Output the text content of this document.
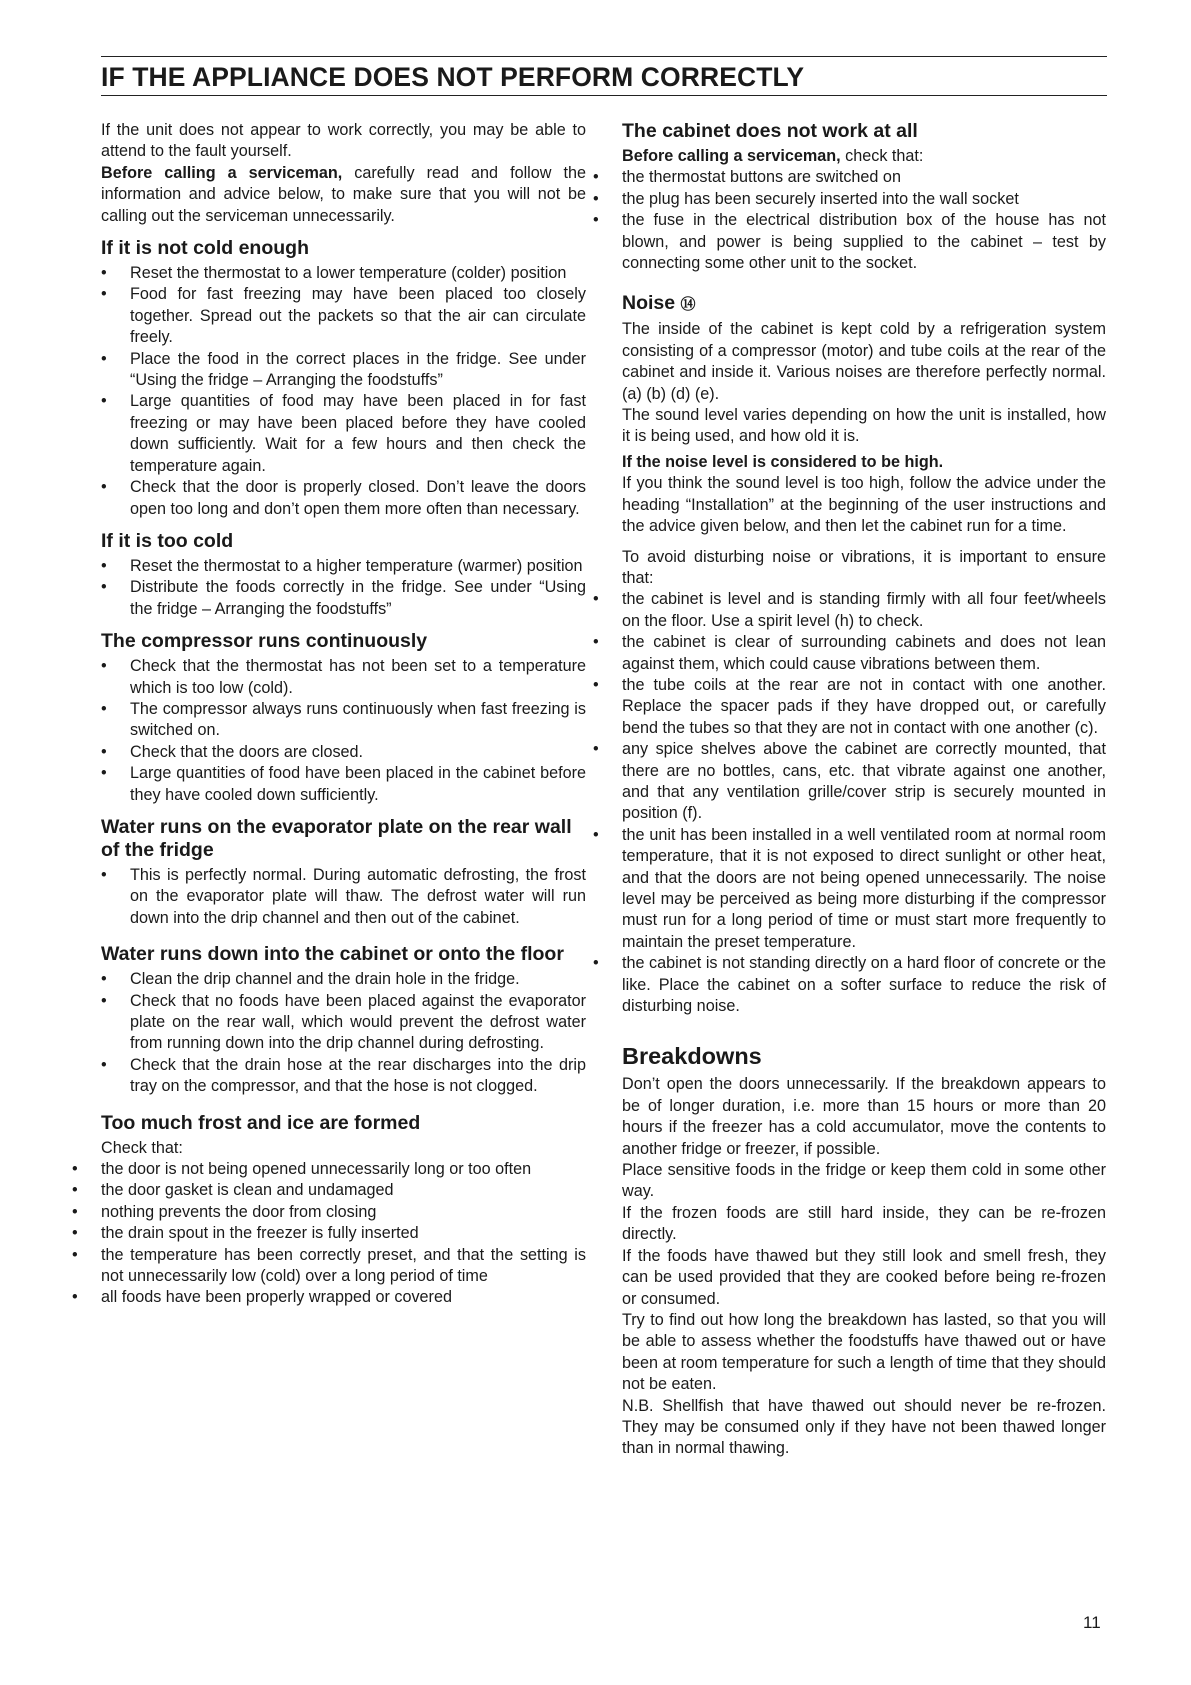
IF THE APPLIANCE DOES NOT PERFORM CORRECTLY

If the unit does not appear to work correctly, you may be able to attend to the fault yourself.

Before calling a serviceman, carefully read and follow the information and advice below, to make sure that you will not be calling out the serviceman unnecessarily.

If it is not cold enough
• Reset the thermostat to a lower temperature (colder) position
• Food for fast freezing may have been placed too closely together. Spread out the packets so that the air can circulate freely.
• Place the food in the correct places in the fridge. See under “Using the fridge – Arranging the foodstuffs”
• Large quantities of food may have been placed in for fast freezing or may have been placed before they have cooled down sufficiently. Wait for a few hours and then check the temperature again.
• Check that the door is properly closed. Don’t leave the doors open too long and don’t open them more often than necessary.
If it is too cold
• Reset the thermostat to a higher temperature (warmer) position
• Distribute the foods correctly in the fridge. See under “Using the fridge – Arranging the foodstuffs”
The compressor runs continuously
• Check that the thermostat has not been set to a temperature which is too low (cold).
• The compressor always runs continuously when fast freezing is switched on.
• Check that the doors are closed.
• Large quantities of food have been placed in the cabinet before they have cooled down sufficiently.
Water runs on the evaporator plate on the rear wall of the fridge
• This is perfectly normal. During automatic defrosting, the frost on the evaporator plate will thaw. The defrost water will run down into the drip channel and then out of the cabinet.
Water runs down into the cabinet or onto the floor
• Clean the drip channel and the drain hole in the fridge.
• Check that no foods have been placed against the evaporator plate on the rear wall, which would prevent the defrost water from running down into the drip channel during defrosting.
• Check that the drain hose at the rear discharges into the drip tray on the compressor, and that the hose is not clogged.
Too much frost and ice are formed

Check that:

• the door is not being opened unnecessarily long or too often
• the door gasket is clean and undamaged
• nothing prevents the door from closing
• the drain spout in the freezer is fully inserted
• the temperature has been correctly preset, and that the setting is not unnecessarily low (cold) over a long period of time
• all foods have been properly wrapped or covered
The cabinet does not work at all

Before calling a serviceman, check that:

• the thermostat buttons are switched on
• the plug has been securely inserted into the wall socket
• the fuse in the electrical distribution box of the house has not blown, and power is being supplied to the cabinet – test by connecting some other unit to the socket.
Noise ⑭

The inside of the cabinet is kept cold by a refrigeration system consisting of a compressor (motor) and tube coils at the rear of the cabinet and inside it. Various noises are therefore perfectly normal. (a) (b) (d) (e).

The sound level varies depending on how the unit is installed, how it is being used, and how old it is.

If the noise level is considered to be high.

If you think the sound level is too high, follow the advice under the heading “Installation” at the beginning of the user instructions and the advice given below, and then let the cabinet run for a time.

To avoid disturbing noise or vibrations, it is important to ensure that:

• the cabinet is level and is standing firmly with all four feet/wheels on the floor. Use a spirit level (h) to check.
• the cabinet is clear of surrounding cabinets and does not lean against them, which could cause vibrations between them.
• the tube coils at the rear are not in contact with one another. Replace the spacer pads if they have dropped out, or carefully bend the tubes so that they are not in contact with one another (c).
• any spice shelves above the cabinet are correctly mounted, that there are no bottles, cans, etc. that vibrate against one another, and that any ventilation grille/cover strip is securely mounted in position (f).
• the unit has been installed in a well ventilated room at normal room temperature, that it is not exposed to direct sunlight or other heat, and that the doors are not being opened unnecessarily. The noise level may be perceived as being more disturbing if the compressor must run for a long period of time or must start more frequently to maintain the preset temperature.
• the cabinet is not standing directly on a hard floor of concrete or the like. Place the cabinet on a softer surface to reduce the risk of disturbing noise.
Breakdowns

Don’t open the doors unnecessarily. If the breakdown appears to be of longer duration, i.e. more than 15 hours or more than 20 hours if the freezer has a cold accumulator, move the contents to another fridge or freezer, if possible.

Place sensitive foods in the fridge or keep them cold in some other way.

If the frozen foods are still hard inside, they can be re-frozen directly.

If the foods have thawed but they still look and smell fresh, they can be used provided that they are cooked before being re-frozen or consumed.

Try to find out how long the breakdown has lasted, so that you will be able to assess whether the foodstuffs have thawed out or have been at room temperature for such a length of time that they should not be eaten.

N.B. Shellfish that have thawed out should never be re-frozen. They may be consumed only if they have not been thawed longer than in normal thawing.

11
